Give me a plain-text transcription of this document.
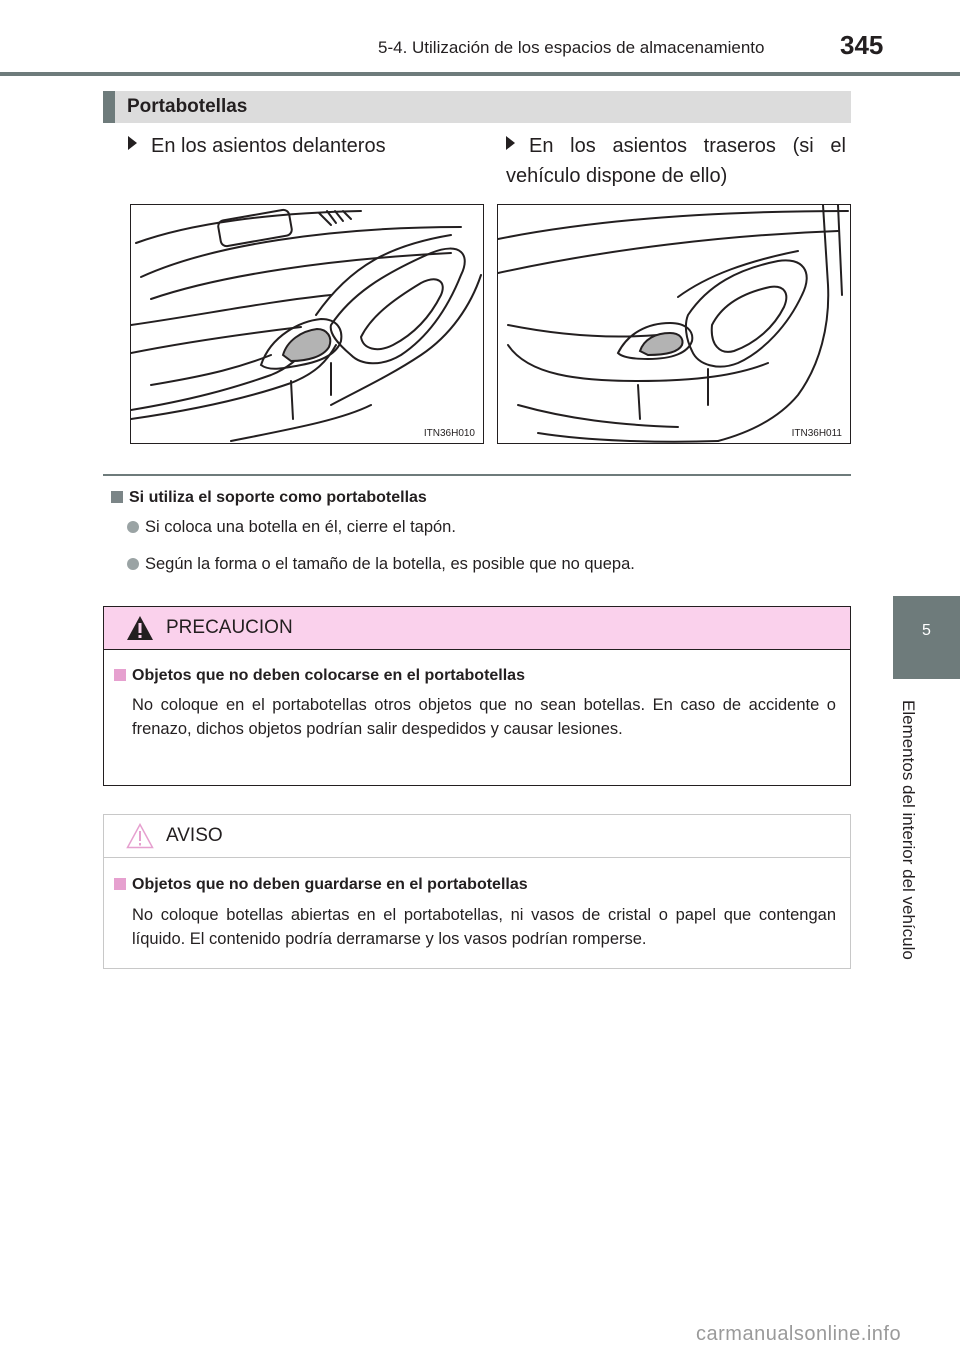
5-4. Utilización de los espacios de almacenamiento	345
5
Elementos del interior del vehículo
Portabotellas
En los asientos delanteros	En los asientos traseros (si el vehículo dispone de ello)
ITN36H010	ITN36H011
Si utiliza el soporte como portabotellas
Si coloca una botella en él, cierre el tapón.
Según la forma o el tamaño de la botella, es posible que no quepa.
PRECAUCION
Objetos que no deben colocarse en el portabotellas
No coloque en el portabotellas otros objetos que no sean botellas. En caso de accidente o frenazo, dichos objetos podrían salir despedidos y causar lesiones.
AVISO
Objetos que no deben guardarse en el portabotellas
No coloque botellas abiertas en el portabotellas, ni vasos de cristal o papel que contengan líquido. El contenido podría derramarse y los vasos podrían romperse.
carmanualsonline.info
